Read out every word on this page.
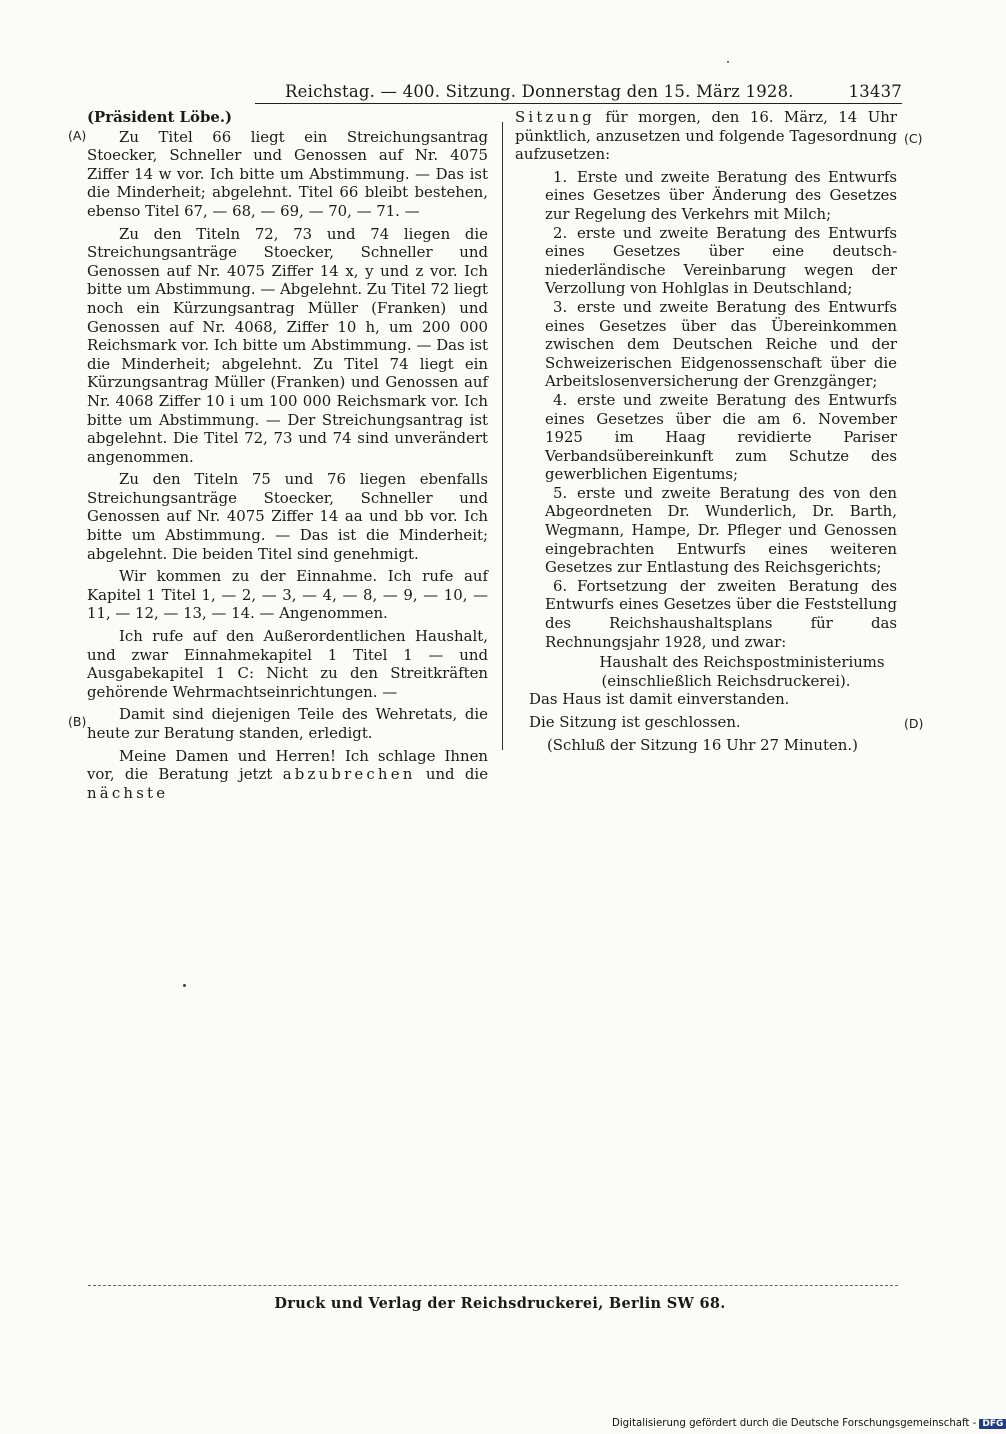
Reichstag. — 400. Sitzung. Donnerstag den 15. März 1928.	13437
(A)
(B)
(C)
(D)

(Präsident Löbe.)

Zu Titel 66 liegt ein Streichungsantrag Stoecker, Schneller und Genossen auf Nr. 4075 Ziffer 14 w vor. Ich bitte um Abstimmung. — Das ist die Minderheit; abgelehnt. Titel 66 bleibt bestehen, ebenso Titel 67, — 68, — 69, — 70, — 71. —

Zu den Titeln 72, 73 und 74 liegen die Streichungsanträge Stoecker, Schneller und Genossen auf Nr. 4075 Ziffer 14 x, y und z vor. Ich bitte um Abstimmung. — Abgelehnt. Zu Titel 72 liegt noch ein Kürzungsantrag Müller (Franken) und Genossen auf Nr. 4068, Ziffer 10 h, um 200 000 Reichsmark vor. Ich bitte um Abstimmung. — Das ist die Minderheit; abgelehnt. Zu Titel 74 liegt ein Kürzungsantrag Müller (Franken) und Genossen auf Nr. 4068 Ziffer 10 i um 100 000 Reichsmark vor. Ich bitte um Abstimmung. — Der Streichungsantrag ist abgelehnt. Die Titel 72, 73 und 74 sind unverändert angenommen.

Zu den Titeln 75 und 76 liegen ebenfalls Streichungsanträge Stoecker, Schneller und Genossen auf Nr. 4075 Ziffer 14 aa und bb vor. Ich bitte um Abstimmung. — Das ist die Minderheit; abgelehnt. Die beiden Titel sind genehmigt.

Wir kommen zu der Einnahme. Ich rufe auf Kapitel 1 Titel 1, — 2, — 3, — 4, — 8, — 9, — 10, — 11, — 12, — 13, — 14. — Angenommen.

Ich rufe auf den Außerordentlichen Haushalt, und zwar Einnahmekapitel 1 Titel 1 — und Ausgabekapitel 1 C: Nicht zu den Streitkräften gehörende Wehrmachtseinrichtungen. —

Damit sind diejenigen Teile des Wehretats, die heute zur Beratung standen, erledigt.

Meine Damen und Herren! Ich schlage Ihnen vor, die Beratung jetzt abzubrechen und die nächste

Sitzung für morgen, den 16. März, 14 Uhr pünktlich, anzusetzen und folgende Tagesordnung aufzusetzen:

1. Erste und zweite Beratung des Entwurfs eines Gesetzes über Änderung des Gesetzes zur Regelung des Verkehrs mit Milch;

2. erste und zweite Beratung des Entwurfs eines Gesetzes über eine deutsch-niederländische Vereinbarung wegen der Verzollung von Hohlglas in Deutschland;

3. erste und zweite Beratung des Entwurfs eines Gesetzes über das Übereinkommen zwischen dem Deutschen Reiche und der Schweizerischen Eidgenossenschaft über die Arbeitslosenversicherung der Grenzgänger;

4. erste und zweite Beratung des Entwurfs eines Gesetzes über die am 6. November 1925 im Haag revidierte Pariser Verbandsübereinkunft zum Schutze des gewerblichen Eigentums;

5. erste und zweite Beratung des von den Abgeordneten Dr. Wunderlich, Dr. Barth, Wegmann, Hampe, Dr. Pfleger und Genossen eingebrachten Entwurfs eines weiteren Gesetzes zur Entlastung des Reichsgerichts;

6. Fortsetzung der zweiten Beratung des Entwurfs eines Gesetzes über die Feststellung des Reichshaushaltsplans für das Rechnungsjahr 1928, und zwar:

Haushalt des Reichspostministeriums (einschließlich Reichsdruckerei).

Das Haus ist damit einverstanden.

Die Sitzung ist geschlossen.

(Schluß der Sitzung 16 Uhr 27 Minuten.)

Druck und Verlag der Reichsdruckerei, Berlin SW 68.
Digitalisierung gefördert durch die Deutsche Forschungsgemeinschaft - DFG
